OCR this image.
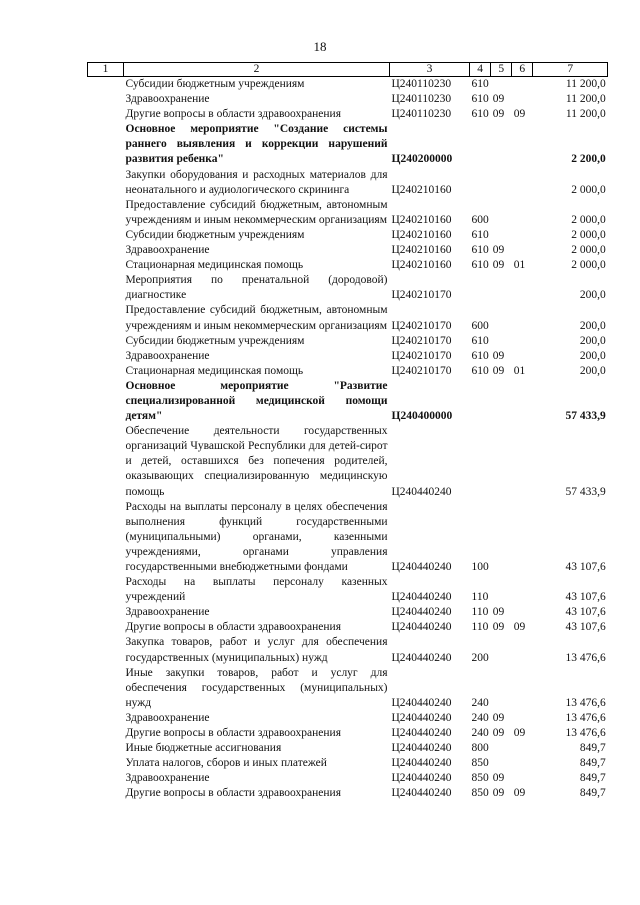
18
1	2	3	4	5	6	7
	Субсидии бюджетным учреждениям	Ц240110230	610			11 200,0
	Здравоохранение	Ц240110230	610	09		11 200,0
	Другие вопросы в области здравоохранения	Ц240110230	610	09	09	11 200,0
	Основное мероприятие "Создание системы раннего выявления и коррекции нарушений развития ребенка"	Ц240200000				2 200,0
	Закупки оборудования и расходных материалов для неонатального и аудиологического скрининга	Ц240210160				2 000,0
	Предоставление субсидий бюджетным, автономным учреждениям и иным некоммерческим организациям	Ц240210160	600			2 000,0
	Субсидии бюджетным учреждениям	Ц240210160	610			2 000,0
	Здравоохранение	Ц240210160	610	09		2 000,0
	Стационарная медицинская помощь	Ц240210160	610	09	01	2 000,0
	Мероприятия по пренатальной (дородовой) диагностике	Ц240210170				200,0
	Предоставление субсидий бюджетным, автономным учреждениям и иным некоммерческим организациям	Ц240210170	600			200,0
	Субсидии бюджетным учреждениям	Ц240210170	610			200,0
	Здравоохранение	Ц240210170	610	09		200,0
	Стационарная медицинская помощь	Ц240210170	610	09	01	200,0
	Основное мероприятие "Развитие специализированной медицинской помощи детям"	Ц240400000				57 433,9
	Обеспечение деятельности государственных организаций Чувашской Республики для детей-сирот и детей, оставшихся без попечения родителей, оказывающих специализированную медицинскую помощь	Ц240440240				57 433,9
	Расходы на выплаты персоналу в целях обеспечения выполнения функций государственными (муниципальными) органами, казенными учреждениями, органами управления государственными внебюджетными фондами	Ц240440240	100			43 107,6
	Расходы на выплаты персоналу казенных учреждений	Ц240440240	110			43 107,6
	Здравоохранение	Ц240440240	110	09		43 107,6
	Другие вопросы в области здравоохранения	Ц240440240	110	09	09	43 107,6
	Закупка товаров, работ и услуг для обеспечения государственных (муниципальных) нужд	Ц240440240	200			13 476,6
	Иные закупки товаров, работ и услуг для обеспечения государственных (муниципальных) нужд	Ц240440240	240			13 476,6
	Здравоохранение	Ц240440240	240	09		13 476,6
	Другие вопросы в области здравоохранения	Ц240440240	240	09	09	13 476,6
	Иные бюджетные ассигнования	Ц240440240	800			849,7
	Уплата налогов, сборов и иных платежей	Ц240440240	850			849,7
	Здравоохранение	Ц240440240	850	09		849,7
	Другие вопросы в области здравоохранения	Ц240440240	850	09	09	849,7
